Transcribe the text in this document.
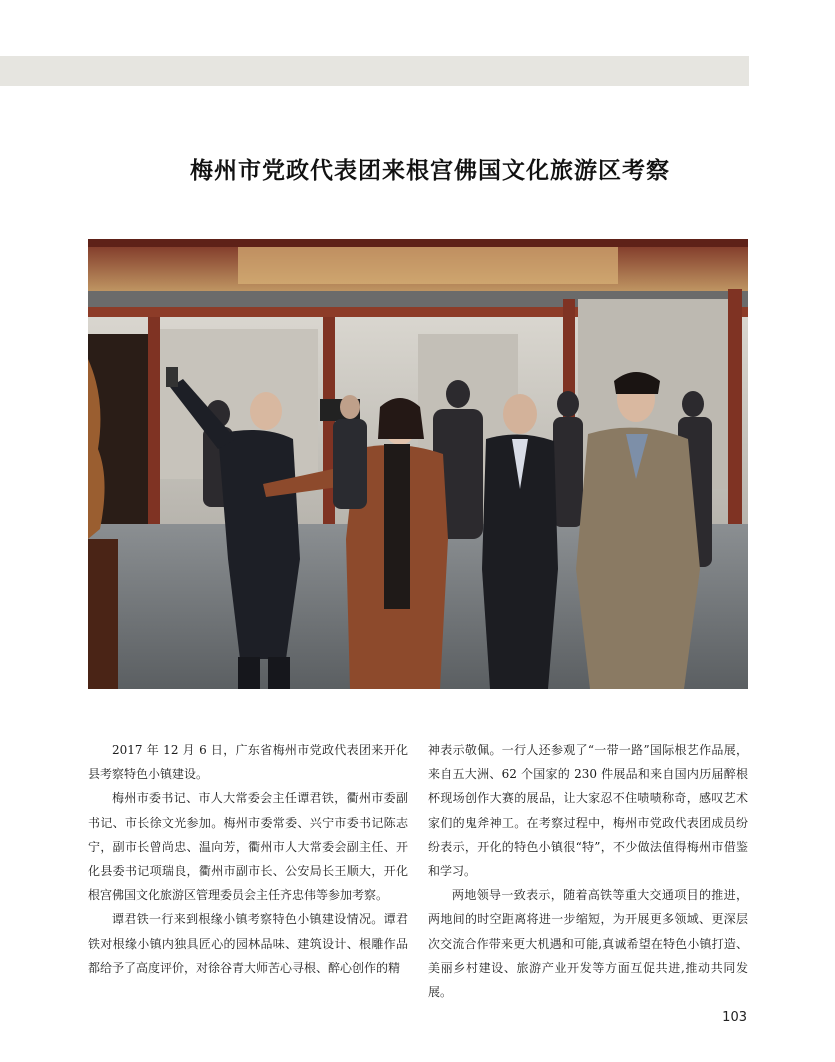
梅州市党政代表团来根宫佛国文化旅游区考察

2017 年 12 月 6 日，广东省梅州市党政代表团来开化县考察特色小镇建设。

梅州市委书记、市人大常委会主任谭君铁，衢州市委副书记、市长徐文光参加。梅州市委常委、兴宁市委书记陈志宁，副市长曾尚忠、温向芳，衢州市人大常委会副主任、开化县委书记项瑞良，衢州市副市长、公安局长王顺大，开化根宫佛国文化旅游区管理委员会主任齐忠伟等参加考察。

谭君铁一行来到根缘小镇考察特色小镇建设情况。谭君铁对根缘小镇内独具匠心的园林品味、建筑设计、根雕作品都给予了高度评价，对徐谷青大师苦心寻根、醉心创作的精

神表示敬佩。一行人还参观了“一带一路”国际根艺作品展，来自五大洲、62 个国家的 230 件展品和来自国内历届醉根杯现场创作大赛的展品，让大家忍不住啧啧称奇，感叹艺术家们的鬼斧神工。在考察过程中，梅州市党政代表团成员纷纷表示，开化的特色小镇很“特”，不少做法值得梅州市借鉴和学习。

两地领导一致表示，随着高铁等重大交通项目的推进，两地间的时空距离将进一步缩短，为开展更多领域、更深层次交流合作带来更大机遇和可能,真诚希望在特色小镇打造、美丽乡村建设、旅游产业开发等方面互促共进,推动共同发展。

103
